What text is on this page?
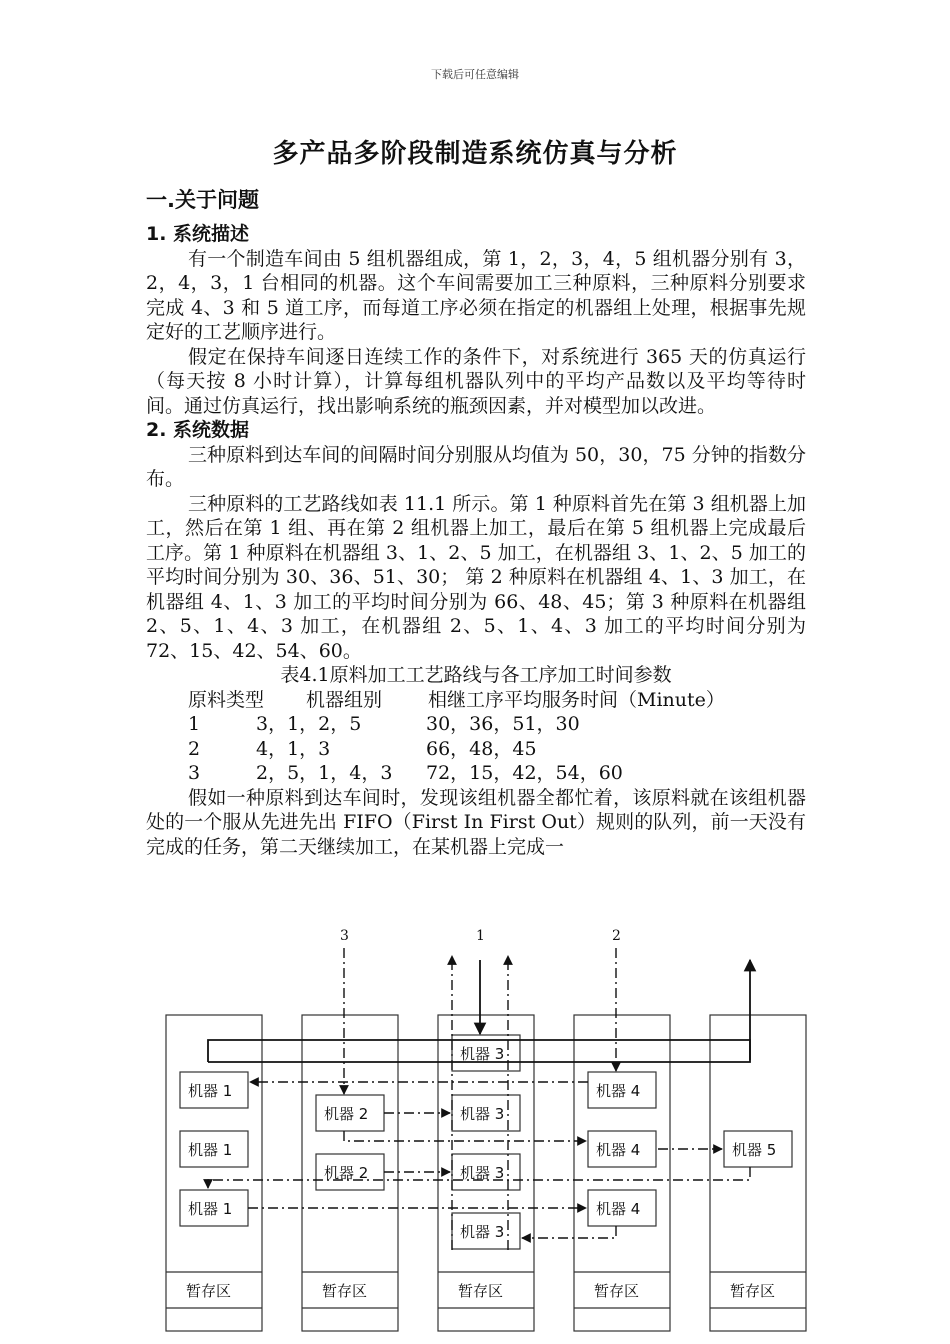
下载后可任意编辑
多产品多阶段制造系统仿真与分析
一.关于问题
1. 系统描述
有一个制造车间由 5 组机器组成，第 1，2，3，4，5 组机器分别有 3，2，4，3，1 台相同的机器。这个车间需要加工三种原料，三种原料分别要求完成 4、3 和 5 道工序，而每道工序必须在指定的机器组上处理，根据事先规定好的工艺顺序进行。
假定在保持车间逐日连续工作的条件下，对系统进行 365 天的仿真运行（每天按 8 小时计算），计算每组机器队列中的平均产品数以及平均等待时间。通过仿真运行，找出影响系统的瓶颈因素，并对模型加以改进。
2. 系统数据
三种原料到达车间的间隔时间分别服从均值为 50，30，75 分钟的指数分布。
三种原料的工艺路线如表 11.1 所示。第 1 种原料首先在第 3 组机器上加工，然后在第 1 组、再在第 2 组机器上加工，最后在第 5 组机器上完成最后工序。第 1 种原料在机器组 3、1、2、5 加工，在机器组 3、1、2、5 加工的平均时间分别为 30、36、51、30； 第 2 种原料在机器组 4、1、3 加工，在机器组 4、1、3 加工的平均时间分别为 66、48、45；第 3 种原料在机器组 2、5、1、4、3 加工，在机器组 2、5、1、4、3 加工的平均时间分别为 72、15、42、54、60。
表4.1原料加工工艺路线与各工序加工时间参数
原料类型	机器组别	相继工序平均服务时间（Minute）
1	3，1，2，5	30，36，51，30
2	4，1，3	66，48，45
3	2，5，1，4，3	72，15，42，54，60
假如一种原料到达车间时，发现该组机器全都忙着，该原料就在该组机器处的一个服从先进先出 FIFO（First In First Out）规则的队列，前一天没有完成的任务，第二天继续加工，在某机器上完成一
3	1	2
机器 1
机器 1
机器 1
机器 2
机器 2
机器 3
机器 3
机器 3
机器 3
机器 4
机器 4
机器 4
机器 5
暂存区	暂存区	暂存区	暂存区	暂存区
